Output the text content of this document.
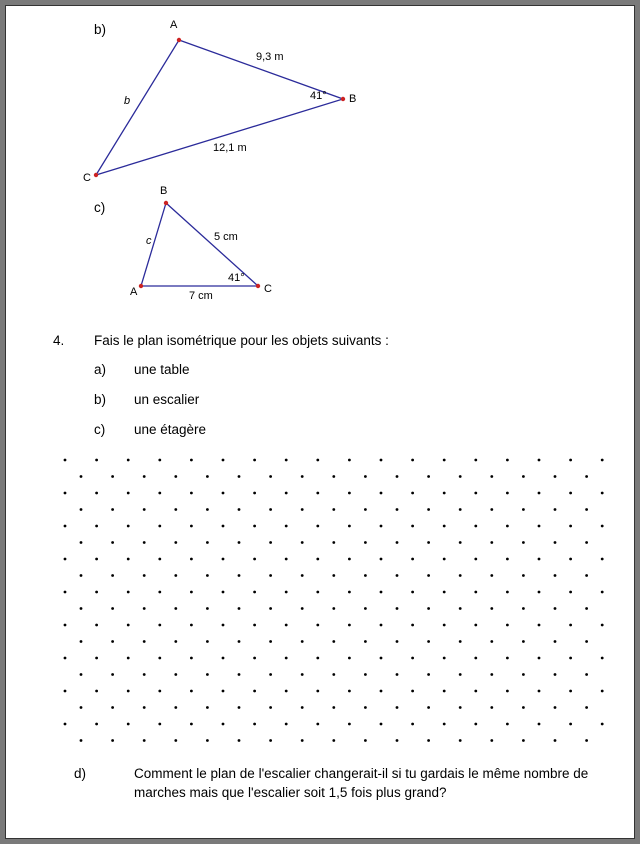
b)	A
B
C
9,3 m
12,1 m
b	41°
c)
B
C
A
5 cm
7 cm
c
41°
4. Fais le plan isométrique pour les objets suivants :
a) une table
b) un escalier
c) une étagère
d)	Comment le plan de l'escalier changerait-il si tu gardais le même nombre de
marches mais que l'escalier soit 1,5 fois plus grand?
